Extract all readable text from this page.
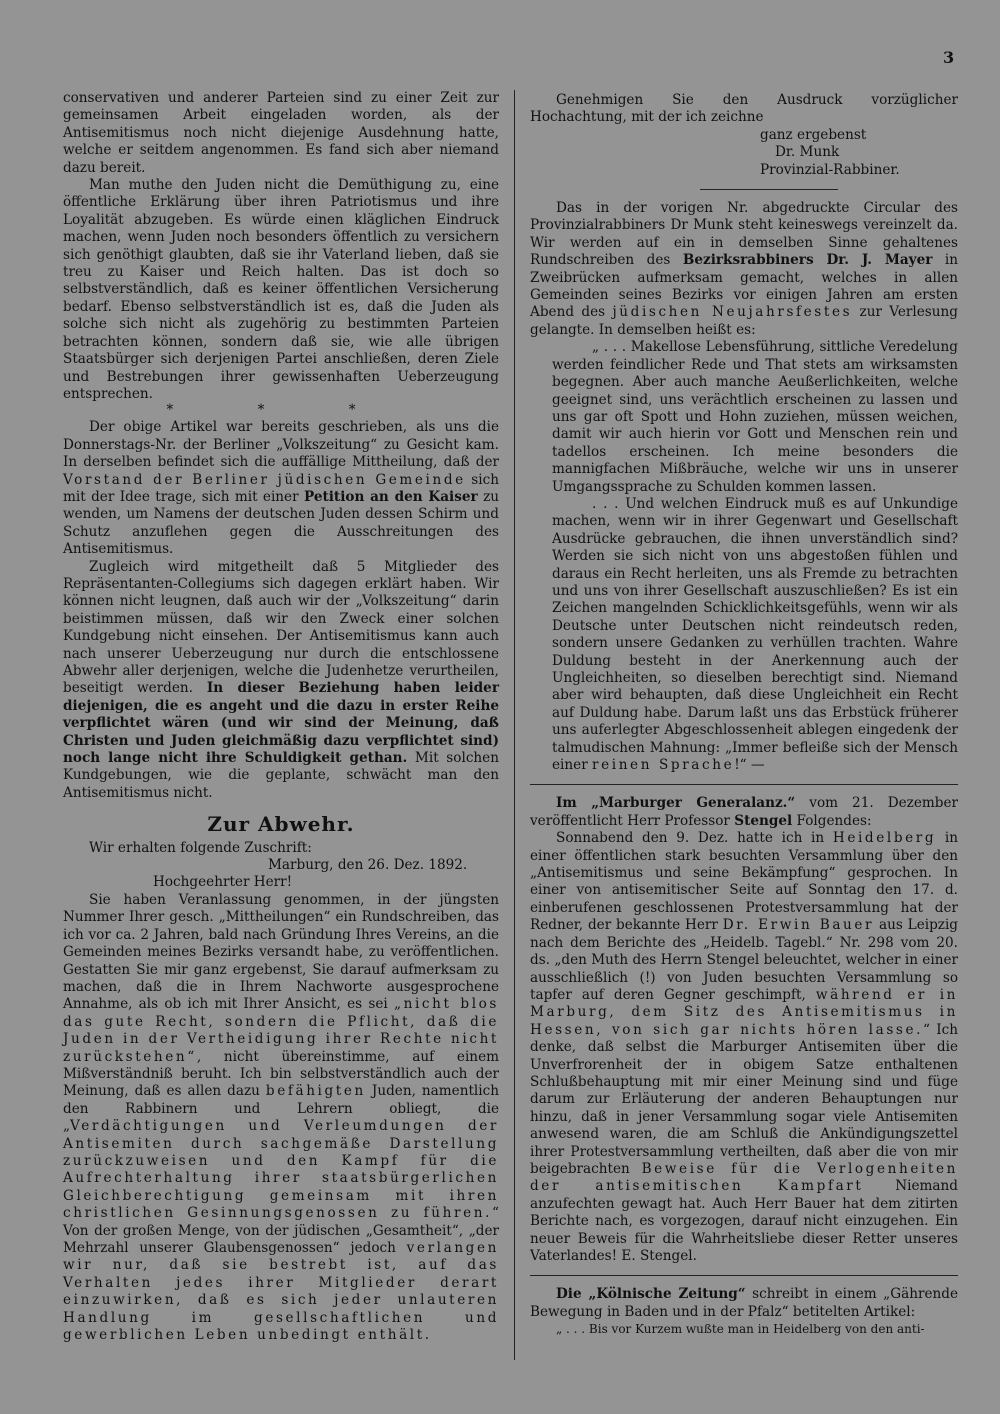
3

conservativen und anderer Parteien sind zu einer Zeit zur gemeinsamen Arbeit eingeladen worden, als der Antisemitismus noch nicht diejenige Ausdehnung hatte, welche er seitdem angenommen. Es fand sich aber niemand dazu bereit.

Man muthe den Juden nicht die Demüthigung zu, eine öffentliche Erklärung über ihren Patriotismus und ihre Loyalität abzugeben. Es würde einen kläglichen Eindruck machen, wenn Juden noch besonders öffentlich zu versichern sich genöthigt glaubten, daß sie ihr Vaterland lieben, daß sie treu zu Kaiser und Reich halten. Das ist doch so selbstverständlich, daß es keiner öffentlichen Versicherung bedarf. Ebenso selbstverständlich ist es, daß die Juden als solche sich nicht als zugehörig zu bestimmten Parteien betrachten können, sondern daß sie, wie alle übrigen Staatsbürger sich derjenigen Partei anschließen, deren Ziele und Bestrebungen ihrer gewissenhaften Ueberzeugung entsprechen.

* * *

Der obige Artikel war bereits geschrieben, als uns die Donnerstags-Nr. der Berliner „Volkszeitung“ zu Gesicht kam. In derselben befindet sich die auffällige Mittheilung, daß der Vorstand der Berliner jüdischen Gemeinde sich mit der Idee trage, sich mit einer Petition an den Kaiser zu wenden, um Namens der deutschen Juden dessen Schirm und Schutz anzuflehen gegen die Ausschreitungen des Antisemitismus.

Zugleich wird mitgetheilt daß 5 Mitglieder des Repräsentanten-Collegiums sich dagegen erklärt haben. Wir können nicht leugnen, daß auch wir der „Volkszeitung“ darin beistimmen müssen, daß wir den Zweck einer solchen Kundgebung nicht einsehen. Der Antisemitismus kann auch nach unserer Ueberzeugung nur durch die entschlossene Abwehr aller derjenigen, welche die Judenhetze verurtheilen, beseitigt werden. In dieser Beziehung haben leider diejenigen, die es angeht und die dazu in erster Reihe verpflichtet wären (und wir sind der Meinung, daß Christen und Juden gleichmäßig dazu verpflichtet sind) noch lange nicht ihre Schuldigkeit gethan. Mit solchen Kundgebungen, wie die geplante, schwächt man den Antisemitismus nicht.

Zur Abwehr.

Wir erhalten folgende Zuschrift:

Marburg, den 26. Dez. 1892.

Hochgeehrter Herr!

Sie haben Veranlassung genommen, in der jüngsten Nummer Ihrer gesch. „Mittheilungen“ ein Rundschreiben, das ich vor ca. 2 Jahren, bald nach Gründung Ihres Vereins, an die Gemeinden meines Bezirks versandt habe, zu veröffentlichen. Gestatten Sie mir ganz ergebenst, Sie darauf aufmerksam zu machen, daß die in Ihrem Nachworte ausgesprochene Annahme, als ob ich mit Ihrer Ansicht, es sei „nicht blos das gute Recht, sondern die Pflicht, daß die Juden in der Vertheidigung ihrer Rechte nicht zurückstehen“, nicht übereinstimme, auf einem Mißverständniß beruht. Ich bin selbstverständlich auch der Meinung, daß es allen dazu befähigten Juden, namentlich den Rabbinern und Lehrern obliegt, die „Verdächtigungen und Verleumdungen der Antisemiten durch sachgemäße Darstellung zurückzuweisen und den Kampf für die Aufrechterhaltung ihrer staatsbürgerlichen Gleichberechtigung gemeinsam mit ihren christlichen Gesinnungsgenossen zu führen.“ Von der großen Menge, von der jüdischen „Gesamtheit“, „der Mehrzahl unserer Glaubensgenossen“ jedoch verlangen wir nur, daß sie bestrebt ist, auf das Verhalten jedes ihrer Mitglieder derart einzuwirken, daß es sich jeder unlauteren Handlung im gesellschaftlichen und gewerblichen Leben unbedingt enthält.

Genehmigen Sie den Ausdruck vorzüglicher Hochachtung, mit der ich zeichne

ganz ergebenst

Dr. Munk

Provinzial-Rabbiner.

Das in der vorigen Nr. abgedruckte Circular des Provinzialrabbiners Dr Munk steht keineswegs vereinzelt da. Wir werden auf ein in demselben Sinne gehaltenes Rundschreiben des Bezirksrabbiners Dr. J. Mayer in Zweibrücken aufmerksam gemacht, welches in allen Gemeinden seines Bezirks vor einigen Jahren am ersten Abend des jüdischen Neujahrsfestes zur Verlesung gelangte. In demselben heißt es:

„ . . . Makellose Lebensführung, sittliche Veredelung werden feindlicher Rede und That stets am wirksamsten begegnen. Aber auch manche Aeußerlichkeiten, welche geeignet sind, uns verächtlich erscheinen zu lassen und uns gar oft Spott und Hohn zuziehen, müssen weichen, damit wir auch hierin vor Gott und Menschen rein und tadellos erscheinen. Ich meine besonders die mannigfachen Mißbräuche, welche wir uns in unserer Umgangssprache zu Schulden kommen lassen.

. . . Und welchen Eindruck muß es auf Unkundige machen, wenn wir in ihrer Gegenwart und Gesellschaft Ausdrücke gebrauchen, die ihnen unverständlich sind? Werden sie sich nicht von uns abgestoßen fühlen und daraus ein Recht herleiten, uns als Fremde zu betrachten und uns von ihrer Gesellschaft auszuschließen? Es ist ein Zeichen mangelnden Schicklichkeitsgefühls, wenn wir als Deutsche unter Deutschen nicht reindeutsch reden, sondern unsere Gedanken zu verhüllen trachten. Wahre Duldung besteht in der Anerkennung auch der Ungleichheiten, so dieselben berechtigt sind. Niemand aber wird behaupten, daß diese Ungleichheit ein Recht auf Duldung habe. Darum laßt uns das Erbstück früherer uns auferlegter Abgeschlossenheit ablegen eingedenk der talmudischen Mahnung: „Immer befleiße sich der Mensch einer reinen Sprache!“ —

Im „Marburger Generalanz.“ vom 21. Dezember veröffentlicht Herr Professor Stengel Folgendes:

Sonnabend den 9. Dez. hatte ich in Heidelberg in einer öffentlichen stark besuchten Versammlung über den „Antisemitismus und seine Bekämpfung“ gesprochen. In einer von antisemitischer Seite auf Sonntag den 17. d. einberufenen geschlossenen Protestversammlung hat der Redner, der bekannte Herr Dr. Erwin Bauer aus Leipzig nach dem Berichte des „Heidelb. Tagebl.“ Nr. 298 vom 20. ds. „den Muth des Herrn Stengel beleuchtet, welcher in einer ausschließlich (!) von Juden besuchten Versammlung so tapfer auf deren Gegner geschimpft, während er in Marburg, dem Sitz des Antisemitismus in Hessen, von sich gar nichts hören lasse.“ Ich denke, daß selbst die Marburger Antisemiten über die Unverfrorenheit der in obigem Satze enthaltenen Schlußbehauptung mit mir einer Meinung sind und füge darum zur Erläuterung der anderen Behauptungen nur hinzu, daß in jener Versammlung sogar viele Antisemiten anwesend waren, die am Schluß die Ankündigungszettel ihrer Protestversammlung vertheilten, daß aber die von mir beigebrachten Beweise für die Verlogenheiten der antisemitischen Kampfart Niemand anzufechten gewagt hat. Auch Herr Bauer hat dem zitirten Berichte nach, es vorgezogen, darauf nicht einzugehen. Ein neuer Beweis für die Wahrheitsliebe dieser Retter unseres Vaterlandes! E. Stengel.

Die „Kölnische Zeitung“ schreibt in einem „Gährende Bewegung in Baden und in der Pfalz“ betitelten Artikel:

„ . . . Bis vor Kurzem wußte man in Heidelberg von den anti-
